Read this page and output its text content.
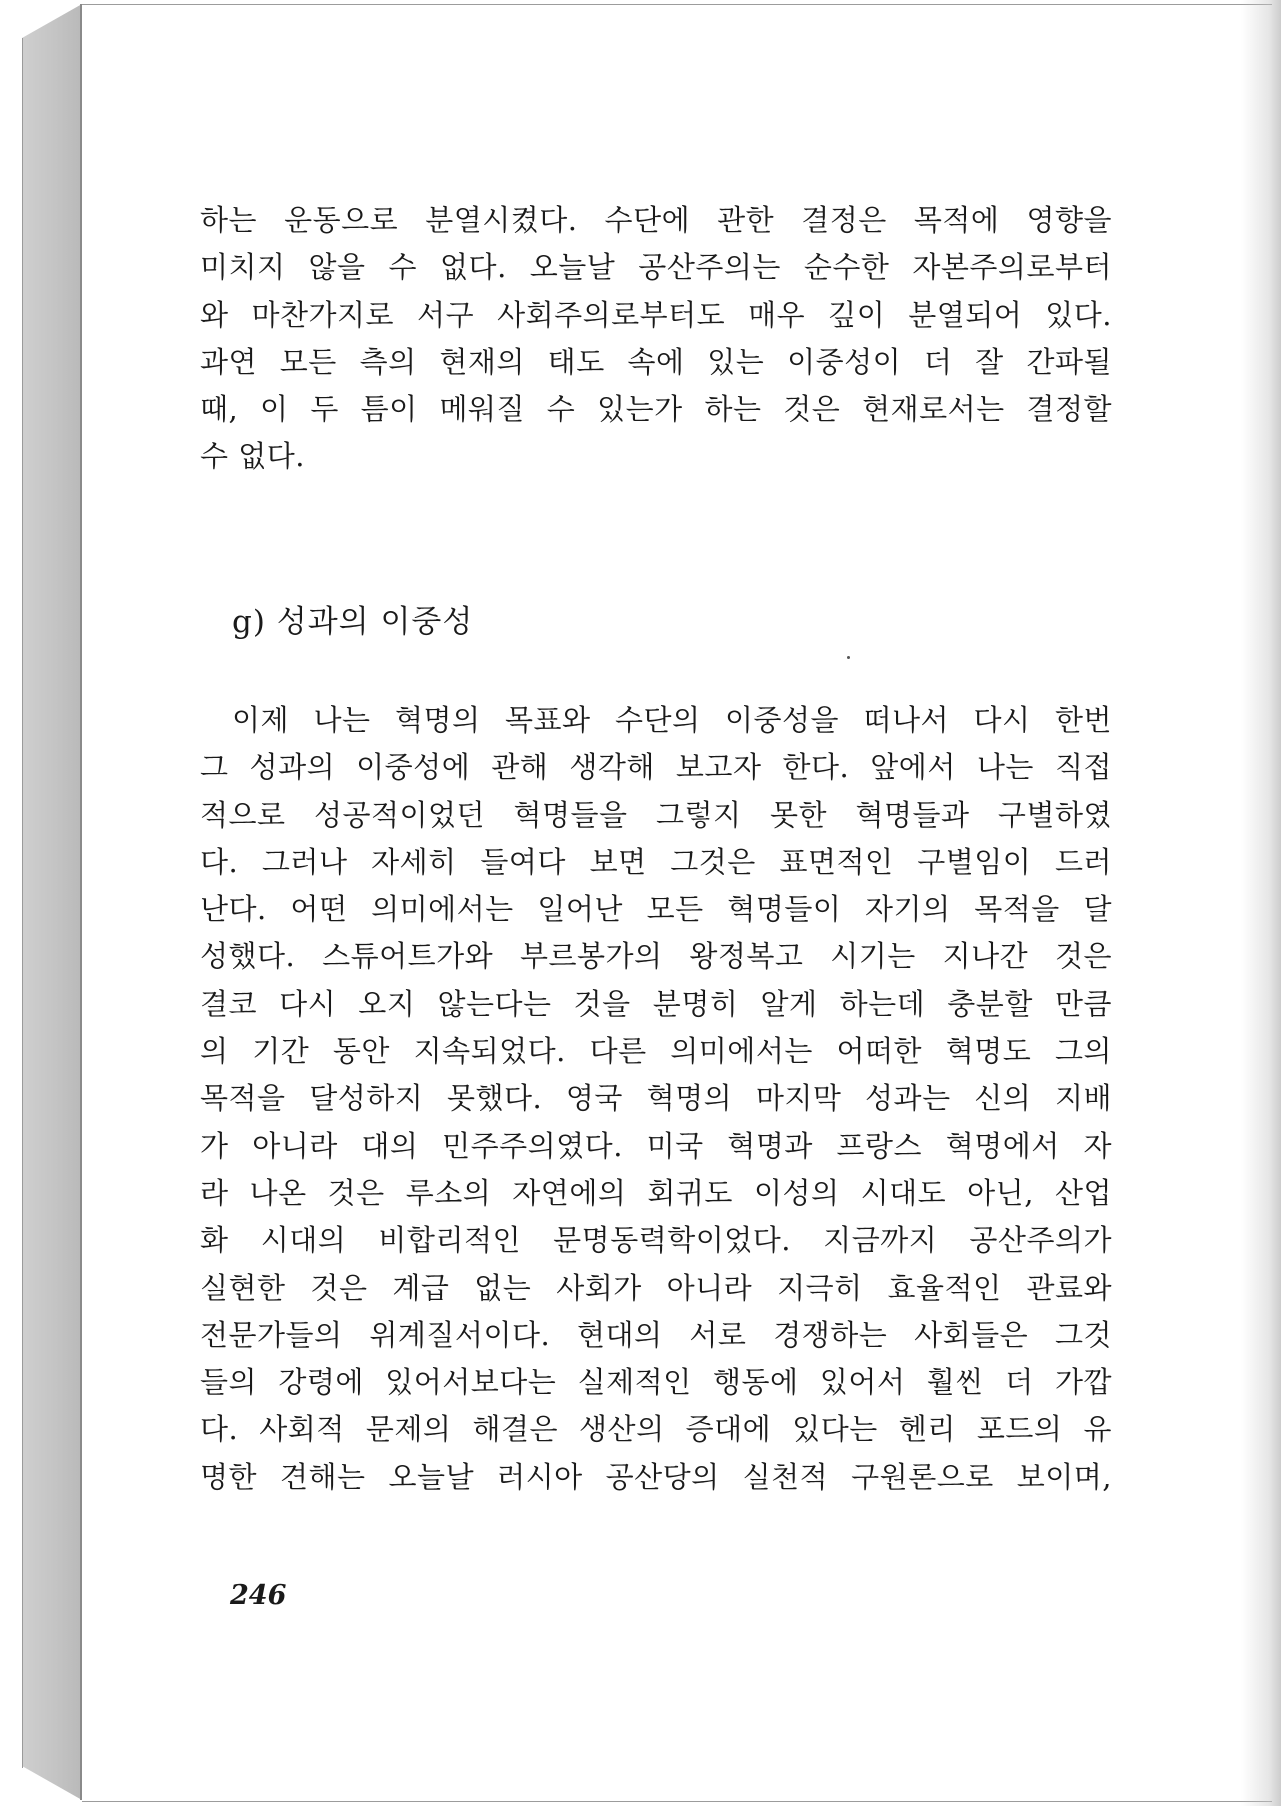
하는 운동으로 분열시켰다. 수단에 관한 결정은 목적에 영향을
미치지 않을 수 없다. 오늘날 공산주의는 순수한 자본주의로부터
와 마찬가지로 서구 사회주의로부터도 매우 깊이 분열되어 있다.
과연 모든 측의 현재의 태도 속에 있는 이중성이 더 잘 간파될
때, 이 두 틈이 메워질 수 있는가 하는 것은 현재로서는 결정할
수 없다.
g) 성과의 이중성
이제 나는 혁명의 목표와 수단의 이중성을 떠나서 다시 한번
그 성과의 이중성에 관해 생각해 보고자 한다. 앞에서 나는 직접
적으로 성공적이었던 혁명들을 그렇지 못한 혁명들과 구별하였
다. 그러나 자세히 들여다 보면 그것은 표면적인 구별임이 드러
난다. 어떤 의미에서는 일어난 모든 혁명들이 자기의 목적을 달
성했다. 스튜어트가와 부르봉가의 왕정복고 시기는 지나간 것은
결코 다시 오지 않는다는 것을 분명히 알게 하는데 충분할 만큼
의 기간 동안 지속되었다. 다른 의미에서는 어떠한 혁명도 그의
목적을 달성하지 못했다. 영국 혁명의 마지막 성과는 신의 지배
가 아니라 대의 민주주의였다. 미국 혁명과 프랑스 혁명에서 자
라 나온 것은 루소의 자연에의 회귀도 이성의 시대도 아닌, 산업
화 시대의 비합리적인 문명동력학이었다. 지금까지 공산주의가
실현한 것은 계급 없는 사회가 아니라 지극히 효율적인 관료와
전문가들의 위계질서이다. 현대의 서로 경쟁하는 사회들은 그것
들의 강령에 있어서보다는 실제적인 행동에 있어서 훨씬 더 가깝
다. 사회적 문제의 해결은 생산의 증대에 있다는 헨리 포드의 유
명한 견해는 오늘날 러시아 공산당의 실천적 구원론으로 보이며,
246
